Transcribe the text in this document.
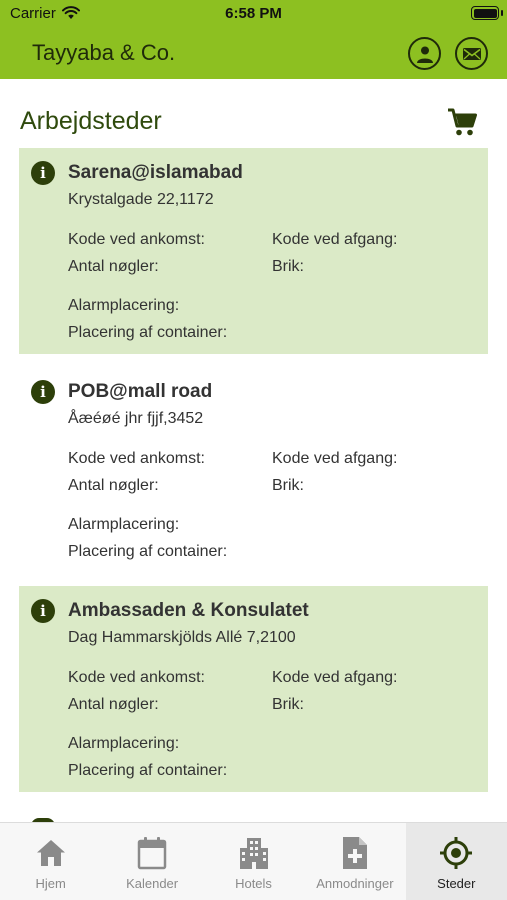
Carrier	6:58 PM
Tayyaba & Co.
Arbejdsteder
i	Sarena@islamabad
Krystalgade 22,1172
Kode ved ankomst:	Kode ved afgang:
Antal nøgler:	Brik:
Alarmplacering:
Placering af container:
i	POB@mall road
Åæéøé jhr fjjf,3452
Kode ved ankomst:	Kode ved afgang:
Antal nøgler:	Brik:
Alarmplacering:
Placering af container:
i	Ambassaden & Konsulatet
Dag Hammarskjölds Allé 7,2100
Kode ved ankomst:	Kode ved afgang:
Antal nøgler:	Brik:
Alarmplacering:
Placering af container:
Hjem	Kalender	Hotels	Anmodninger	Steder
